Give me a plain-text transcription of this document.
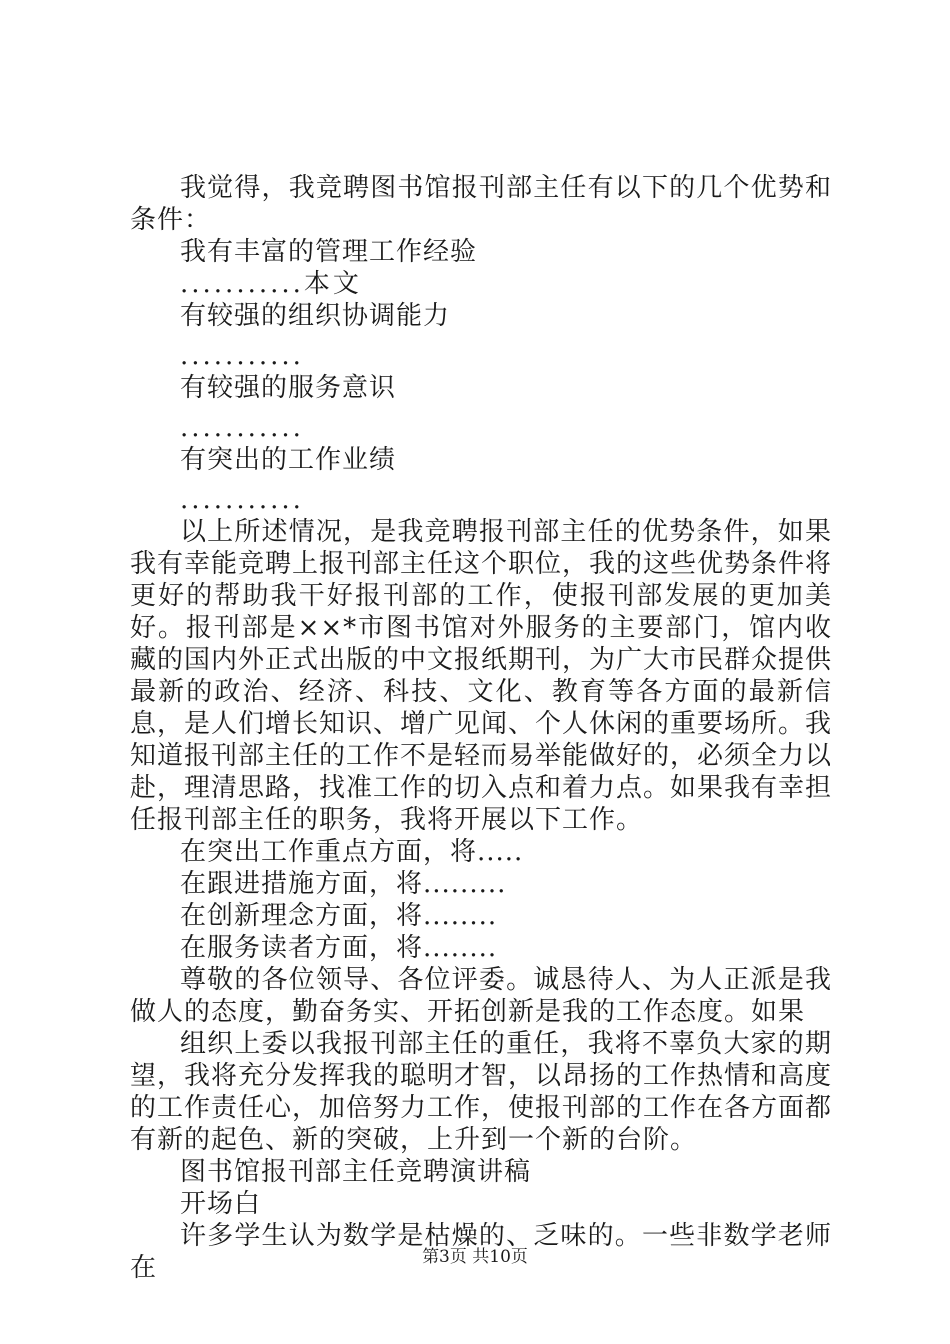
我觉得，我竞聘图书馆报刊部主任有以下的几个优势和条件：

我有丰富的管理工作经验

...........本文

有较强的组织协调能力

...........

有较强的服务意识

...........

有突出的工作业绩

...........

以上所述情况，是我竞聘报刊部主任的优势条件，如果我有幸能竞聘上报刊部主任这个职位，我的这些优势条件将更好的帮助我干好报刊部的工作，使报刊部发展的更加美好。报刊部是××*市图书馆对外服务的主要部门，馆内收藏的国内外正式出版的中文报纸期刊，为广大市民群众提供最新的政治、经济、科技、文化、教育等各方面的最新信息，是人们增长知识、增广见闻、个人休闲的重要场所。我知道报刊部主任的工作不是轻而易举能做好的，必须全力以赴，理清思路，找准工作的切入点和着力点。如果我有幸担任报刊部主任的职务，我将开展以下工作。

在突出工作重点方面，将.....

在跟进措施方面，将.........

在创新理念方面，将........

在服务读者方面，将........

尊敬的各位领导、各位评委。诚恳待人、为人正派是我做人的态度，勤奋务实、开拓创新是我的工作态度。如果

组织上委以我报刊部主任的重任，我将不辜负大家的期望，我将充分发挥我的聪明才智，以昂扬的工作热情和高度的工作责任心，加倍努力工作，使报刊部的工作在各方面都有新的起色、新的突破，上升到一个新的台阶。

图书馆报刊部主任竞聘演讲稿

开场白

许多学生认为数学是枯燥的、乏味的。一些非数学老师在	第3页 共10页
